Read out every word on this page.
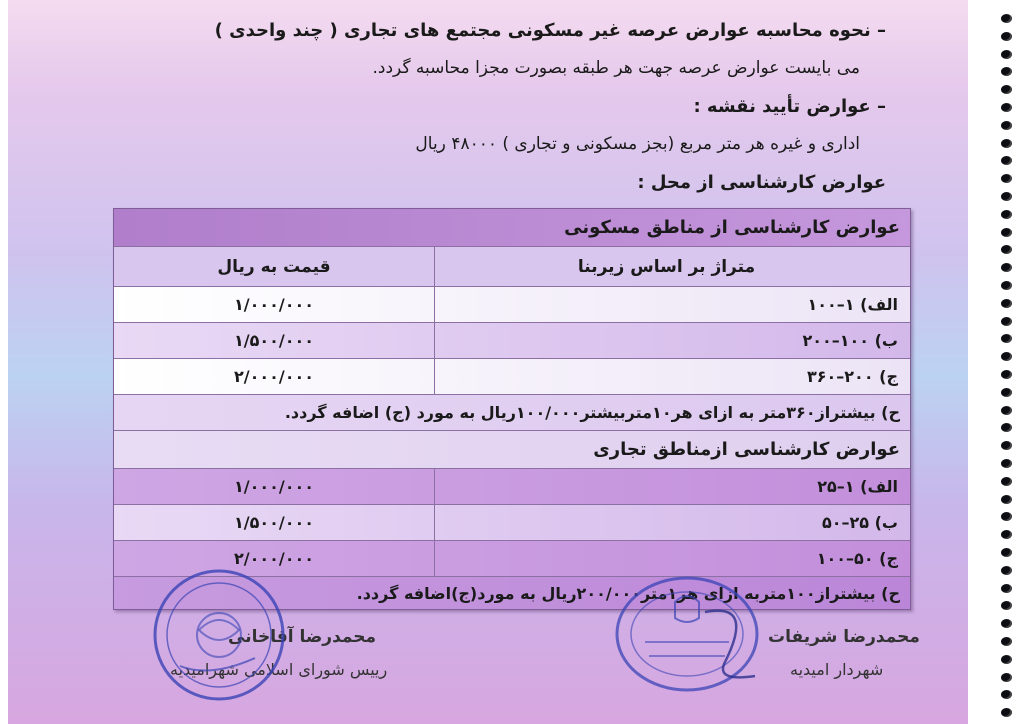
– نحوه محاسبه عوارض عرصه غیر مسکونی مجتمع های تجاری ( چند واحدی )
می بایست عوارض عرصه جهت هر طبقه بصورت مجزا محاسبه گردد.
– عوارض تأیید نقشه :
اداری و غیره هر متر مربع (بجز مسکونی و تجاری ) ۴۸۰۰۰ ریال
عوارض کارشناسی از محل :
عوارض کارشناسی از مناطق مسکونی
متراژ بر اساس زیربنا
قیمت به ریال
الف) ۱–۱۰۰
۱/۰۰۰/۰۰۰
ب) ۱۰۰–۲۰۰
۱/۵۰۰/۰۰۰
ج) ۲۰۰–۳۶۰
۲/۰۰۰/۰۰۰
ح) بیشتراز۳۶۰متر به ازای هر۱۰متربیشتر۱۰۰/۰۰۰ریال به مورد (ج) اضافه گردد.
عوارض کارشناسی ازمناطق تجاری
الف) ۱–۲۵
۱/۰۰۰/۰۰۰
ب) ۲۵–۵۰
۱/۵۰۰/۰۰۰
ج) ۵۰–۱۰۰
۲/۰۰۰/۰۰۰
ح) بیشتراز۱۰۰متربه ازای هر۱متر۲۰۰/۰۰۰ریال به مورد(ج)اضافه گردد.
محمدرضا آقاخانی
رییس شورای اسلامی شهرامیدیه
محمدرضا شریفات
شهردار امیدیه
